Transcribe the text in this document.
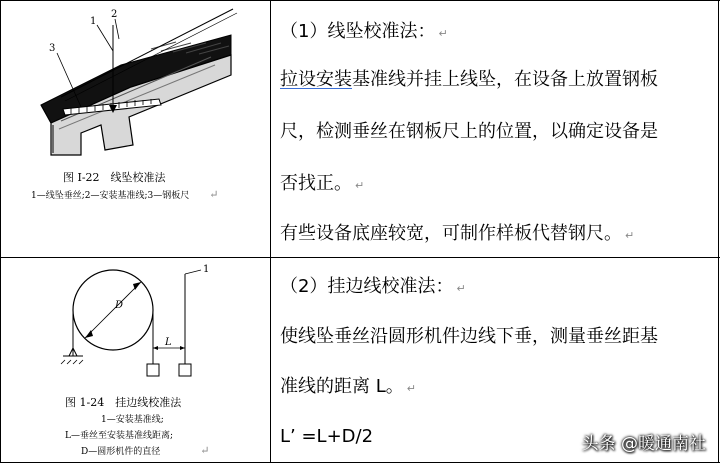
1
2
3
图 I-22　线坠校准法
1—线坠垂丝;2—安装基准线;3—钢板尺 ↵
（1）线坠校准法： ↵
拉设安装基准线并挂上线坠，在设备上放置钢板
尺，检测垂丝在钢板尺上的位置，以确定设备是
否找正。 ↵
有些设备底座较宽，可制作样板代替钢尺。 ↵
D
1
L
图 1-24　挂边线校准法
1—安装基准线;
L—垂丝至安装基准线距离;
D—圆形机件的直径	↵
（2）挂边线校准法： ↵
使线坠垂丝沿圆形机件边线下垂，测量垂丝距基
准线的距离 L。 ↵
L’ =L+D/2	头条 @暖通南社
